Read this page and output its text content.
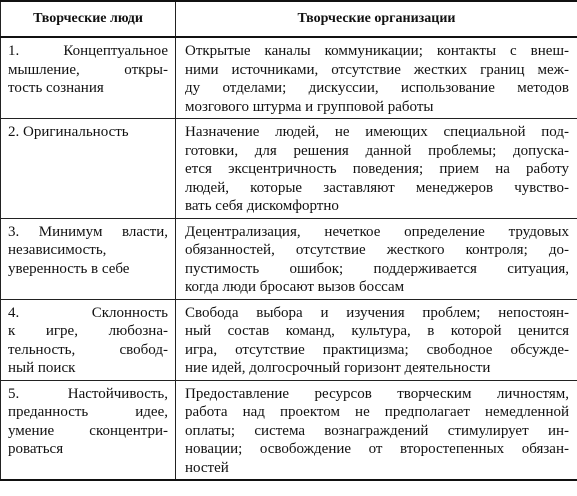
Творческие люди	Творческие организации

1. Концептуальное
мышление, откры-
тость сознания	Открытые каналы коммуникации; контакты с внеш-
ними источниками, отсутствие жестких границ меж-
ду отделами; дискуссии, использование методов
мозгового штурма и групповой работы

2. Оригинальность	Назначение людей, не имеющих специальной под-
готовки, для решения данной проблемы; допуска-
ется эксцентричность поведения; прием на работу
людей, которые заставляют менеджеров чувство-
вать себя дискомфортно

3. Минимум власти,
независимость,
уверенность в себе	Децентрализация, нечеткое определение трудовых
обязанностей, отсутствие жесткого контроля; до-
пустимость ошибок; поддерживается ситуация,
когда люди бросают вызов боссам

4. Склонность
к игре, любозна-
тельность, свобод-
ный поиск	Свобода выбора и изучения проблем; непостоян-
ный состав команд, культура, в которой ценится
игра, отсутствие практицизма; свободное обсужде-
ние идей, долгосрочный горизонт деятельности

5. Настойчивость,
преданность идее,
умение сконцентри-
роваться	Предоставление ресурсов творческим личностям,
работа над проектом не предполагает немедленной
оплаты; система вознаграждений стимулирует ин-
новации; освобождение от второстепенных обязан-
ностей
